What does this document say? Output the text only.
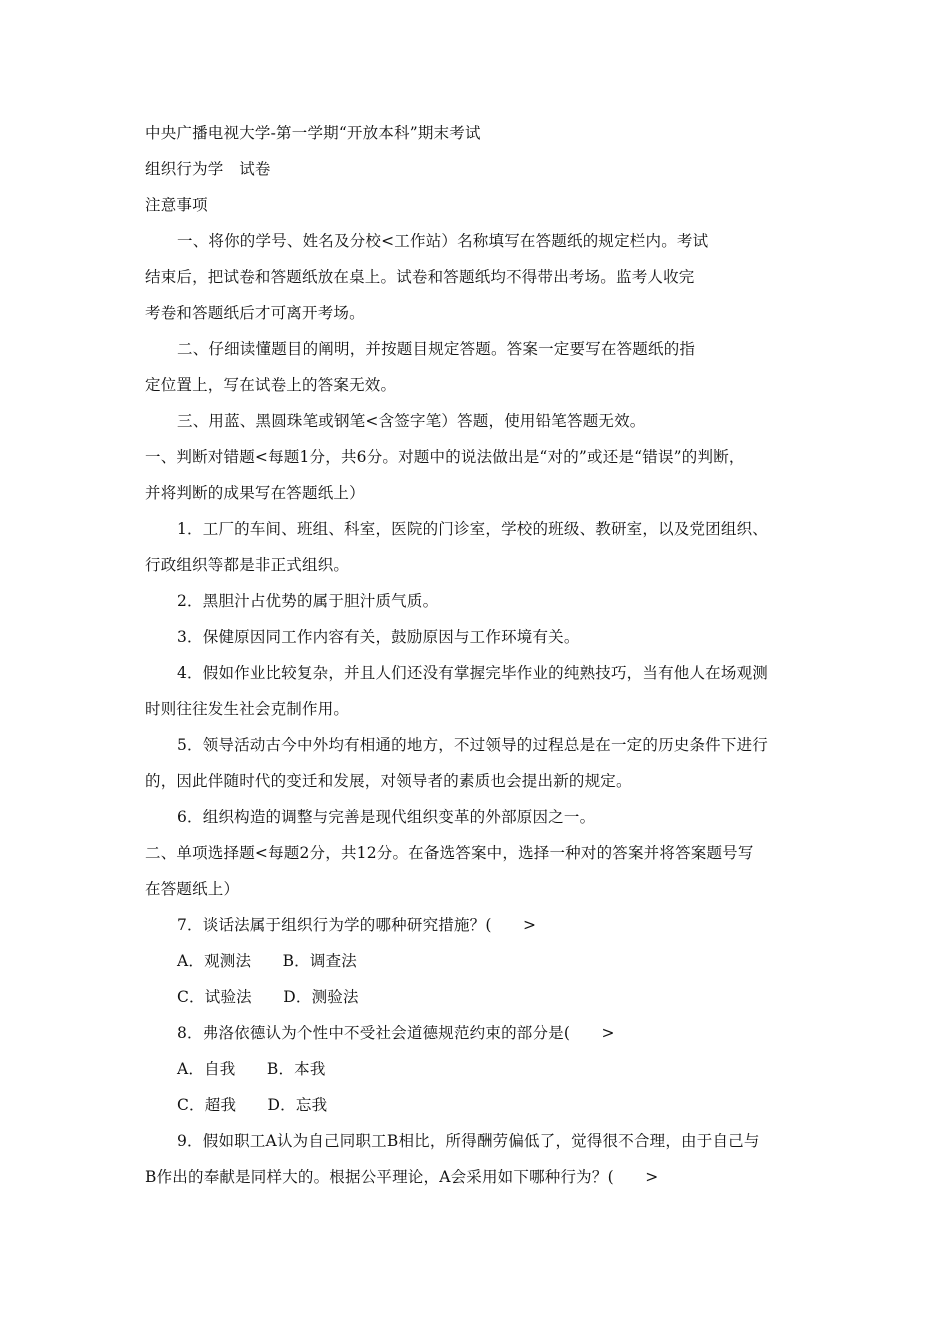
中央广播电视大学-第一学期“开放本科”期末考试
组织行为学　试卷
注意事项
一、将你的学号、姓名及分校<工作站）名称填写在答题纸的规定栏内。考试
结束后，把试卷和答题纸放在桌上。试卷和答题纸均不得带出考场。监考人收完
考卷和答题纸后才可离开考场。
二、仔细读懂题目的阐明，并按题目规定答题。答案一定要写在答题纸的指
定位置上，写在试卷上的答案无效。
三、用蓝、黑圆珠笔或钢笔<含签字笔）答题，使用铅笔答题无效。
一、判断对错题<每题1分，共6分。对题中的说法做出是“对的”或还是“错误”的判断，
并将判断的成果写在答题纸上）
1．工厂的车间、班组、科室，医院的门诊室，学校的班级、教研室，以及党团组织、
行政组织等都是非正式组织。
2．黑胆汁占优势的属于胆汁质气质。
3．保健原因同工作内容有关，鼓励原因与工作环境有关。
4．假如作业比较复杂，并且人们还没有掌握完毕作业的纯熟技巧，当有他人在场观测
时则往往发生社会克制作用。
5．领导活动古今中外均有相通的地方，不过领导的过程总是在一定的历史条件下进行
的，因此伴随时代的变迁和发展，对领导者的素质也会提出新的规定。
6．组织构造的调整与完善是现代组织变革的外部原因之一。
二、单项选择题<每题2分，共12分。在备选答案中，选择一种对的答案并将答案题号写
在答题纸上）
7．谈话法属于组织行为学的哪种研究措施？(　　>
A．观测法　　B．调查法
C．试验法　　D．测验法
8．弗洛依德认为个性中不受社会道德规范约束的部分是(　　>
A．自我　　B．本我
C．超我　　D．忘我
9．假如职工A认为自己同职工B相比，所得酬劳偏低了，觉得很不合理，由于自己与
B作出的奉献是同样大的。根据公平理论，A会采用如下哪种行为？(　　>
